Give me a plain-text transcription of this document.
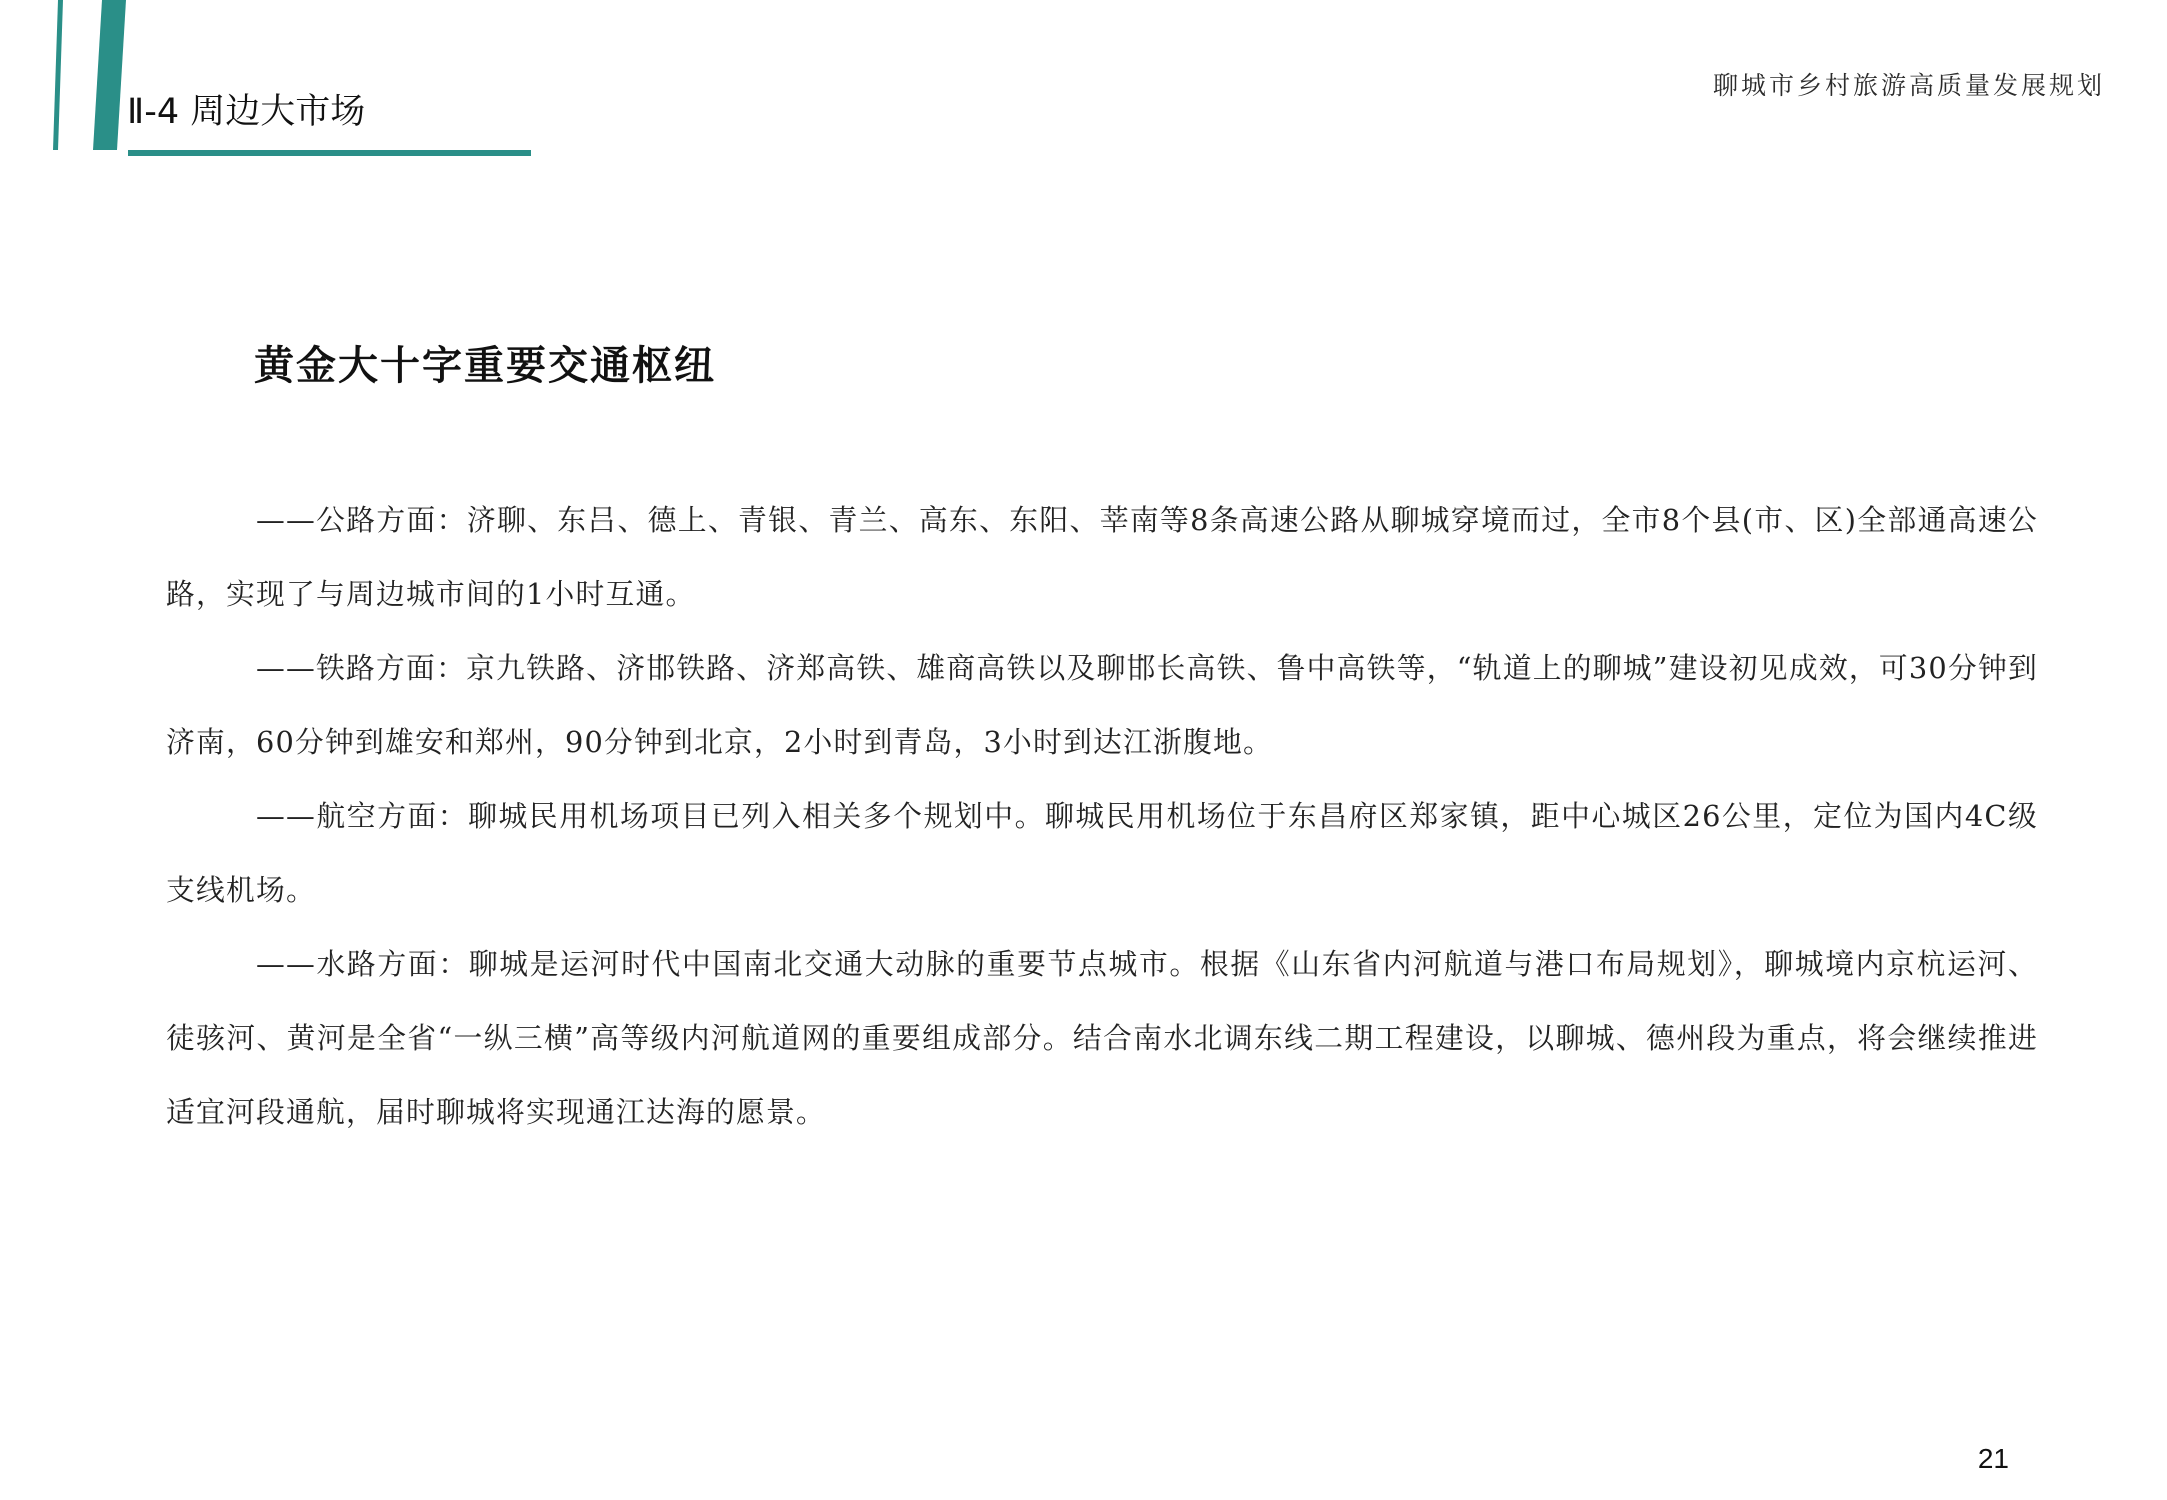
Ⅱ-4 周边大市场
聊城市乡村旅游高质量发展规划
黄金大十字重要交通枢纽

——公路方面：济聊、东吕、德上、青银、青兰、高东、东阳、莘南等8条高速公路从聊城穿境而过，全市8个县(市、区)全部通高速公路，实现了与周边城市间的1小时互通。

——铁路方面：京九铁路、济邯铁路、济郑高铁、雄商高铁以及聊邯长高铁、鲁中高铁等，“轨道上的聊城”建设初见成效，可30分钟到济南，60分钟到雄安和郑州，90分钟到北京，2小时到青岛，3小时到达江浙腹地。

——航空方面：聊城民用机场项目已列入相关多个规划中。聊城民用机场位于东昌府区郑家镇，距中心城区26公里，定位为国内4C级支线机场。

——水路方面：聊城是运河时代中国南北交通大动脉的重要节点城市。根据《山东省内河航道与港口布局规划》，聊城境内京杭运河、徒骇河、黄河是全省“一纵三横”高等级内河航道网的重要组成部分。结合南水北调东线二期工程建设，以聊城、德州段为重点，将会继续推进适宜河段通航，届时聊城将实现通江达海的愿景。

21
